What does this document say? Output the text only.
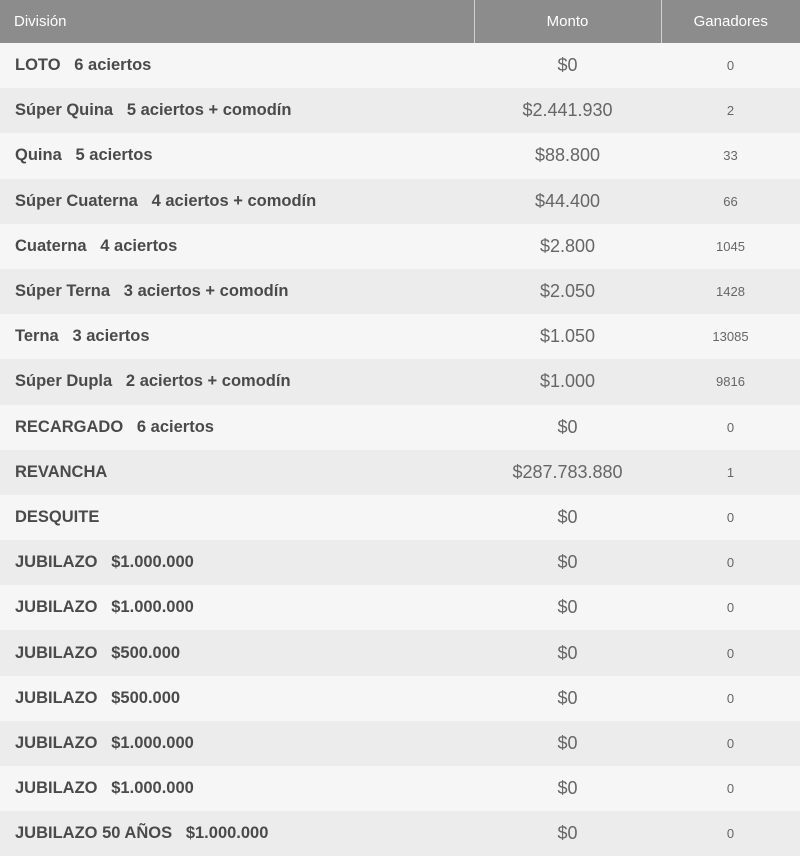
División	Monto	Ganadores
LOTO   6 aciertos	$0	0
Súper Quina   5 aciertos + comodín	$2.441.930	2
Quina   5 aciertos	$88.800	33
Súper Cuaterna   4 aciertos + comodín	$44.400	66
Cuaterna   4 aciertos	$2.800	1045
Súper Terna   3 aciertos + comodín	$2.050	1428
Terna   3 aciertos	$1.050	13085
Súper Dupla   2 aciertos + comodín	$1.000	9816
RECARGADO   6 aciertos	$0	0
REVANCHA	$287.783.880	1
DESQUITE	$0	0
JUBILAZO   $1.000.000	$0	0
JUBILAZO   $1.000.000	$0	0
JUBILAZO   $500.000	$0	0
JUBILAZO   $500.000	$0	0
JUBILAZO   $1.000.000	$0	0
JUBILAZO   $1.000.000	$0	0
JUBILAZO 50 AÑOS   $1.000.000	$0	0
